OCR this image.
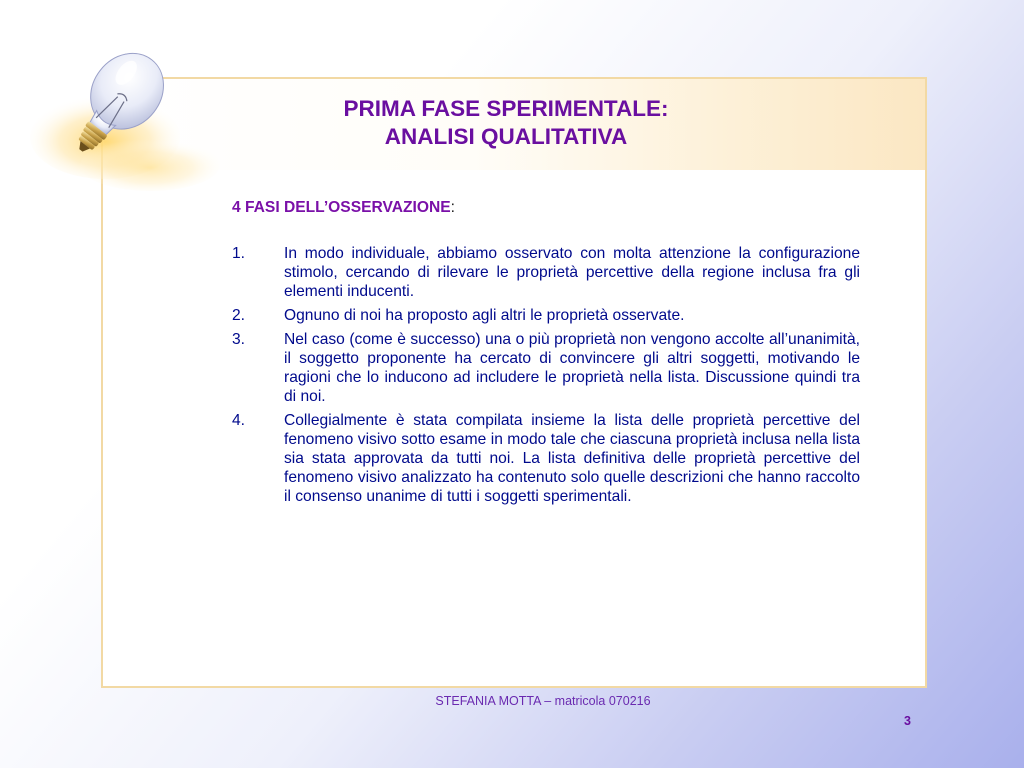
PRIMA FASE SPERIMENTALE:
ANALISI QUALITATIVA
4 FASI DELL’OSSERVAZIONE:
1.	In modo individuale, abbiamo osservato con molta attenzione la configurazione stimolo, cercando di rilevare le proprietà percettive della regione inclusa fra gli elementi inducenti.
2.	Ognuno di noi ha proposto agli altri le proprietà osservate.
3.	Nel caso (come è successo) una o più proprietà non vengono accolte all’unanimità, il soggetto proponente ha cercato di convincere gli altri soggetti, motivando le ragioni che lo inducono ad includere le proprietà nella lista. Discussione quindi tra di noi.
4.	Collegialmente è stata compilata insieme la lista delle proprietà percettive del fenomeno visivo sotto esame in modo tale che ciascuna proprietà inclusa nella lista sia stata approvata da tutti noi. La lista definitiva delle proprietà percettive del fenomeno visivo analizzato ha contenuto solo quelle descrizioni che hanno raccolto il consenso unanime di tutti i soggetti sperimentali.
STEFANIA MOTTA – matricola 070216
3
